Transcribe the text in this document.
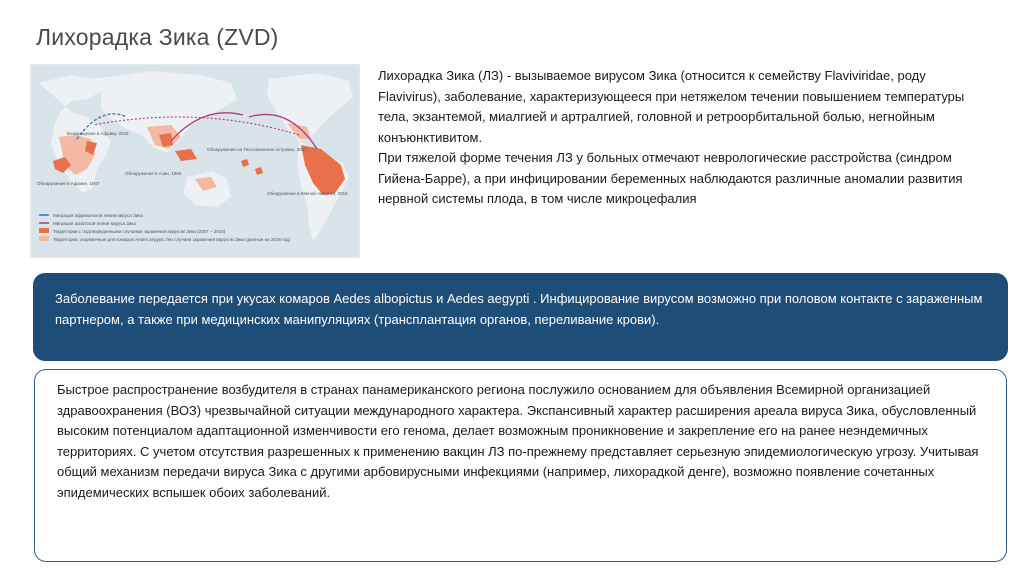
Лихорадка Зика (ZVD)
Возвращение в Африку, 2015
Обнаружение на Тихоокеанских островах, 2007
Обнаружение в Африке, 1947
Обнаружение в Азии, 1966
Обнаружение в Южной Америке, 2015
Миграция африканской линии вируса Зика
Миграция азиатской линии вируса Зика
Территории с подтвержденными случаями заражения вирусом Зика (2007 – 2018)
Территории, эндемичные для комаров Aedes aegypti, без случаев заражения вирусом Зика (данные на 2018 год)

Лихорадка Зика (ЛЗ) - вызываемое вирусом Зика (относится к семейству Flaviviridae, роду Flavivirus), заболевание, характеризующееся при нетяжелом течении повышением температуры тела, экзантемой, миалгией и артралгией, головной и ретроорбитальной болью, негнойным конъюнктивитом.

При тяжелой форме течения ЛЗ у больных отмечают неврологические расстройства (синдром Гийена-Барре), а при инфицировании беременных наблюдаются различные аномалии развития нервной системы плода, в том числе микроцефалия

Заболевание передается при укусах комаров Aedes albopictus и Aedes aegypti . Инфицирование вирусом возможно при половом контакте с зараженным партнером, а также при медицинских манипуляциях (трансплантация органов, переливание крови).
Быстрое распространение возбудителя в странах панамериканского региона послужило основанием для объявления Всемирной организацией здравоохранения (ВОЗ) чрезвычайной ситуации международного характера. Экспансивный характер расширения ареала вируса Зика, обусловленный высоким потенциалом адаптационной изменчивости его генома, делает возможным проникновение и закрепление его на ранее неэндемичных территориях. С учетом отсутствия разрешенных к применению вакцин ЛЗ по-прежнему представляет серьезную эпидемиологическую угрозу. Учитывая общий механизм передачи вируса Зика с другими арбовирусными инфекциями (например, лихорадкой денге), возможно появление сочетанных эпидемических вспышек обоих заболеваний.
